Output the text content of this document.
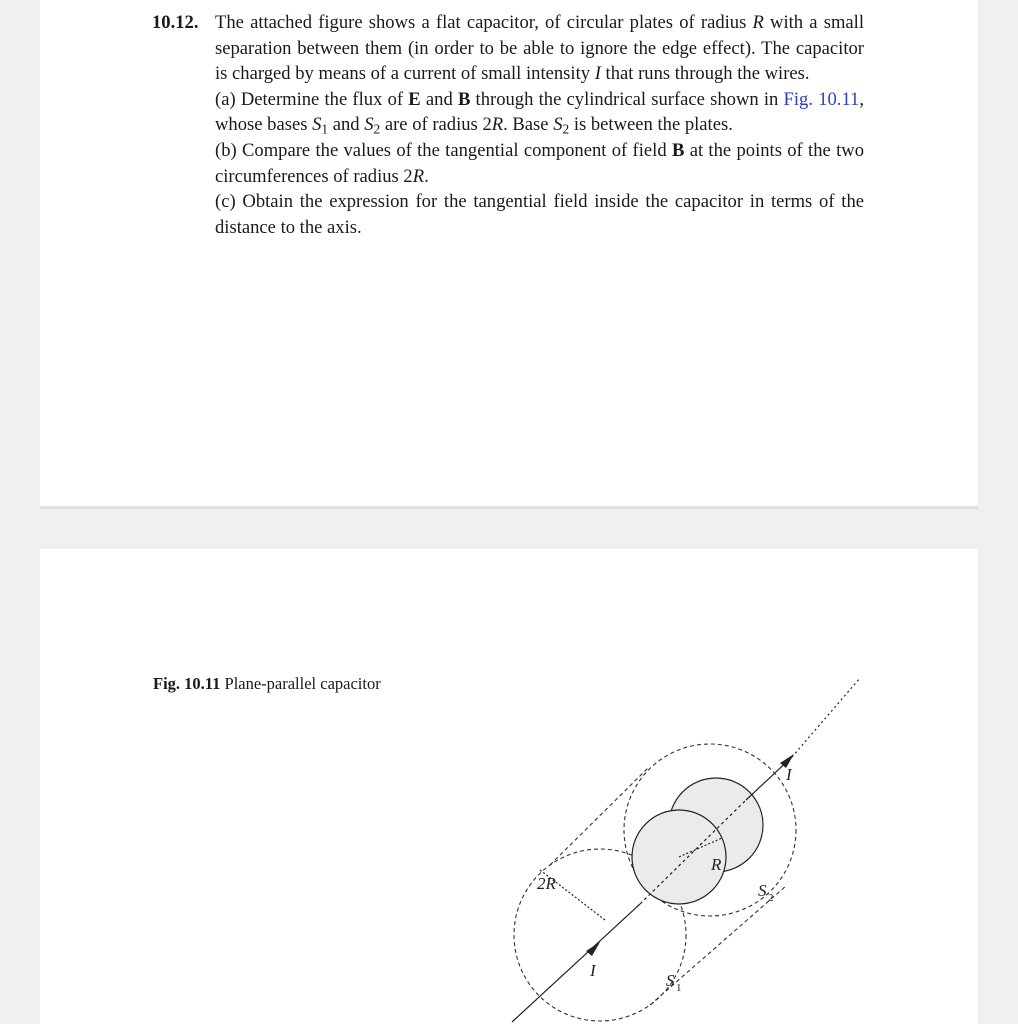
10.12. The attached figure shows a flat capacitor, of circular plates of radius R with a small separation between them (in order to be able to ignore the edge effect). The capacitor is charged by means of a current of small intensity I that runs through the wires.

(a) Determine the flux of E and B through the cylindrical surface shown in Fig. 10.11, whose bases $S_1$ and $S_2$ are of radius 2R. Base $S_2$ is between the plates.

(b) Compare the values of the tangential component of field B at the points of the two circumferences of radius 2R.

(c) Obtain the expression for the tangential field inside the capacitor in terms of the distance to the axis.

Fig. 10.11 Plane-parallel capacitor
I
I
R
2R
S 1
S 2
